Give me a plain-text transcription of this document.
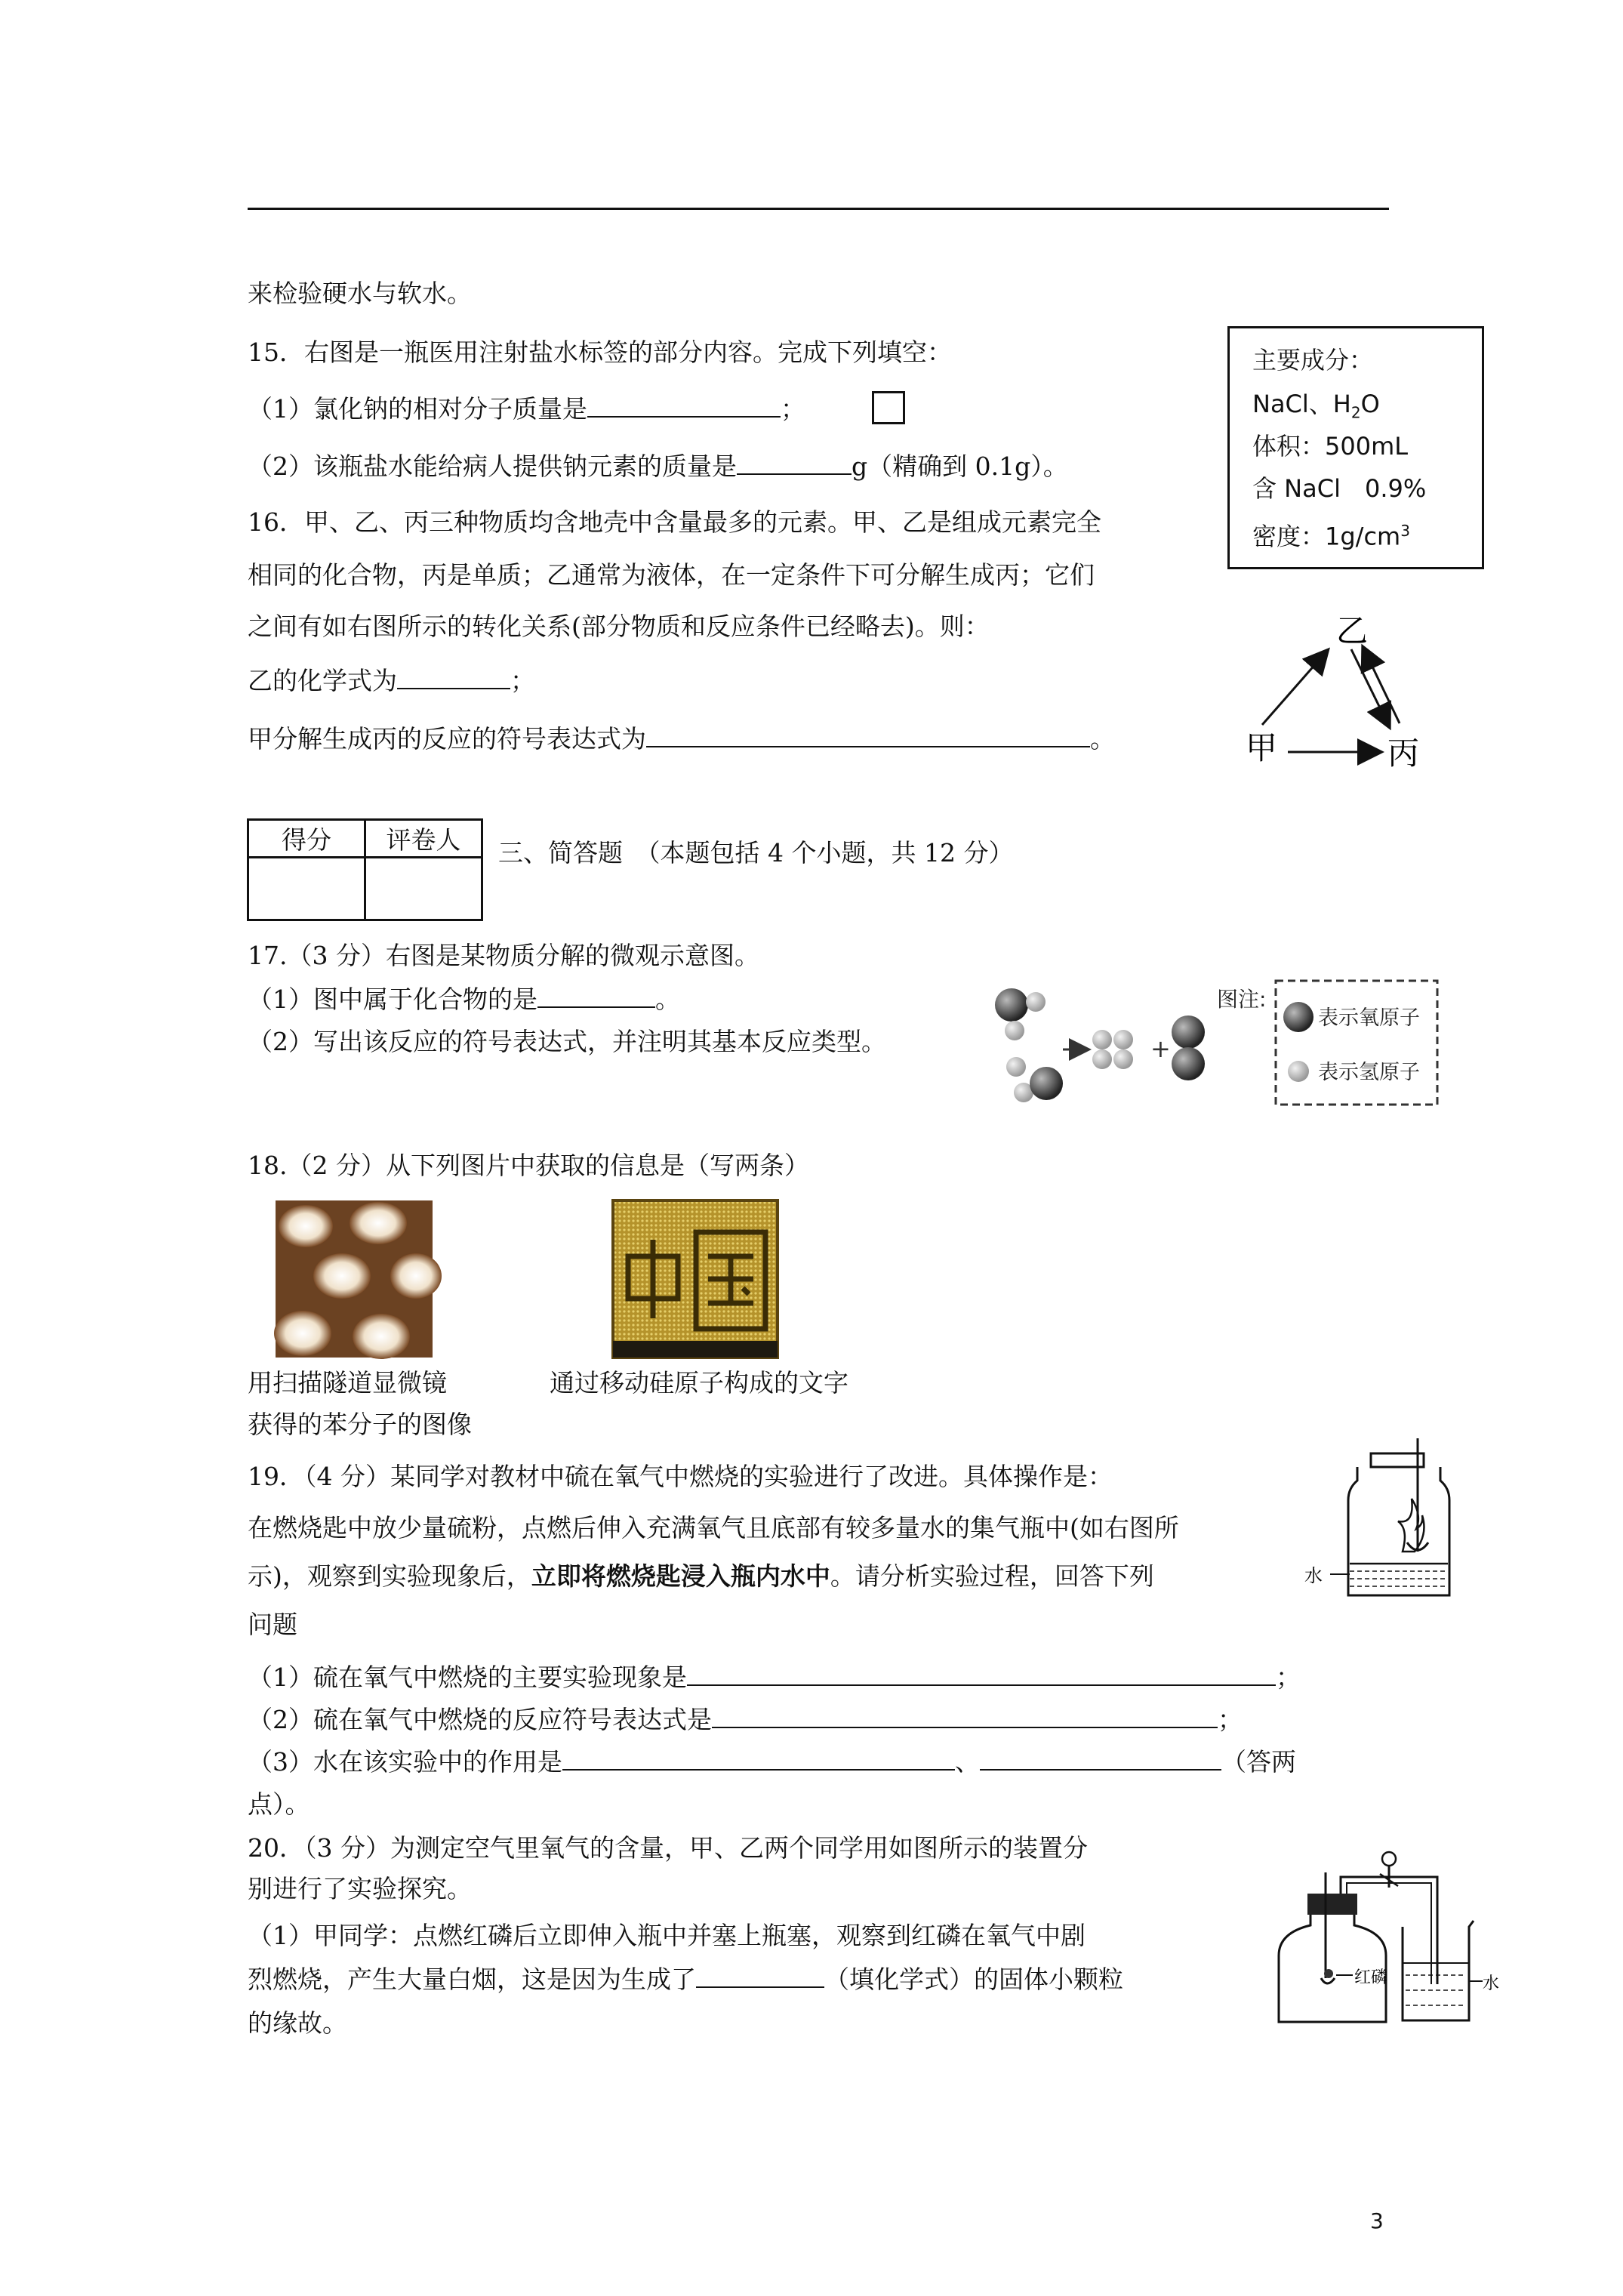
来检验硬水与软水。
15．右图是一瓶医用注射盐水标签的部分内容。完成下列填空：
（1）氯化钠的相对分子质量是	；
（2）该瓶盐水能给病人提供钠元素的质量是	g（精确到 0.1g）。
主要成分：
NaCl、$H_2O$
体积：500mL
含 NaCl　0.9%
密度：$1g/cm^3$
16．甲、乙、丙三种物质均含地壳中含量最多的元素。甲、乙是组成元素完全
相同的化合物，丙是单质；乙通常为液体，在一定条件下可分解生成丙；它们
之间有如右图所示的转化关系(部分物质和反应条件已经略去)。则：
乙的化学式为	；
甲分解生成丙的反应的符号表达式为	。
乙
甲	丙
得分	评卷人
	三、简答题　（本题包括 4 个小题，共 12 分）
17.（3 分）右图是某物质分解的微观示意图。
（1）图中属于化合物的是	。
（2）写出该反应的符号表达式，并注明其基本反应类型。	+
图注:
表示氧原子
表示氢原子
18.（2 分）从下列图片中获取的信息是（写两条）
用扫描隧道显微镜
获得的苯分子的图像
通过移动硅原子构成的文字
19．（4 分）某同学对教材中硫在氧气中燃烧的实验进行了改进。具体操作是：
在燃烧匙中放少量硫粉，点燃后伸入充满氧气且底部有较多量水的集气瓶中(如右图所
示)，观察到实验现象后，立即将燃烧匙浸入瓶内水中。请分析实验过程，回答下列
问题
（1）硫在氧气中燃烧的主要实验现象是	；
（2）硫在氧气中燃烧的反应符号表达式是	；
（3）水在该实验中的作用是	、	（答两
点）。
水
20．（3 分）为测定空气里氧气的含量，甲、乙两个同学用如图所示的装置分
别进行了实验探究。
（1）甲同学：点燃红磷后立即伸入瓶中并塞上瓶塞，观察到红磷在氧气中剧
烈燃烧，产生大量白烟，这是因为生成了	（填化学式）的固体小颗粒
的缘故。
红磷	水
3
